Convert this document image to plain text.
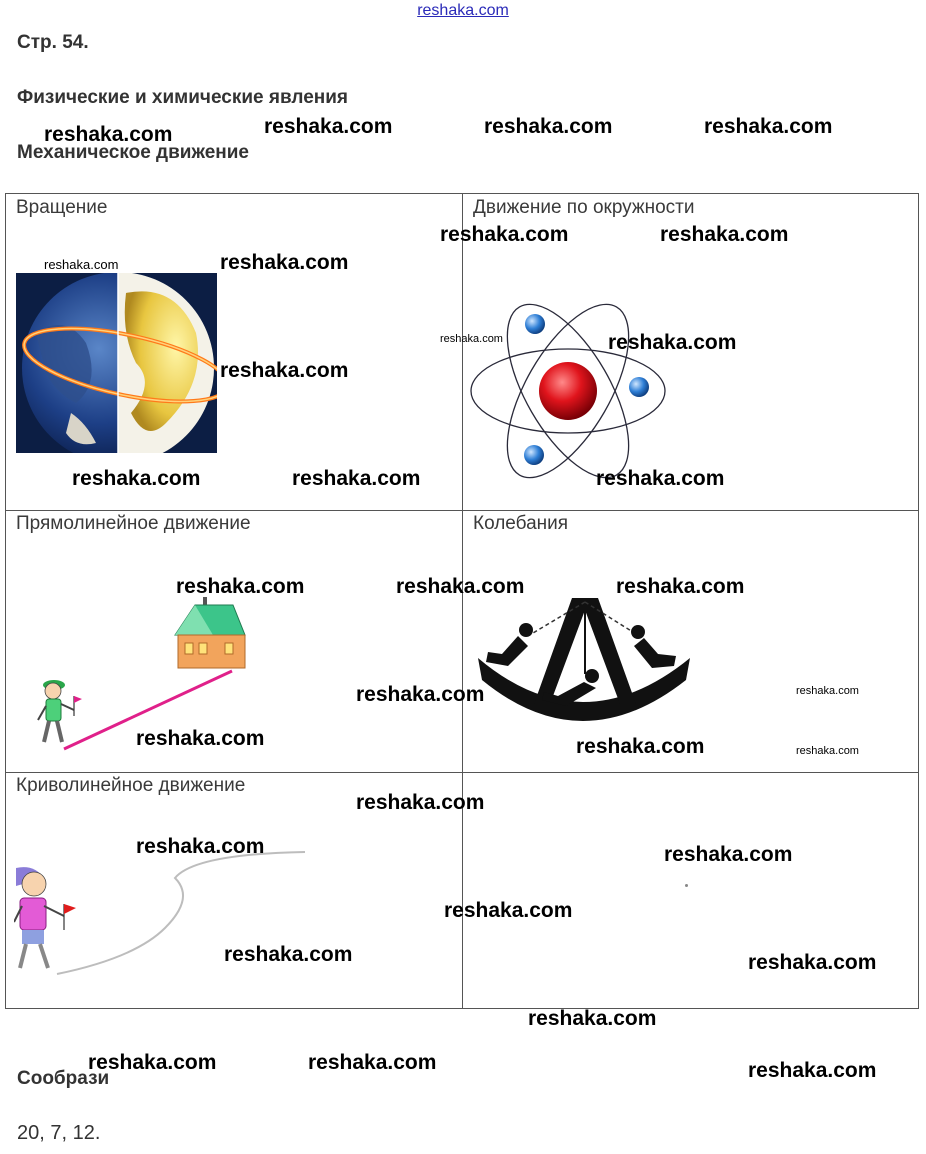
reshaka.com
Стр. 54.
Физические и химические явления
Механическое движение
Вращение	Движение по окружности
Прямолинейное движение	Колебания
Криволинейное движение
Сообрази
20, 7, 12.
reshaka.com	reshaka.com	reshaka.com	reshaka.com
reshaka.com	reshaka.com
reshaka.com	reshaka.com
reshaka.com	reshaka.com
reshaka.com
reshaka.com	reshaka.com	reshaka.com
reshaka.com	reshaka.com	reshaka.com
reshaka.com	reshaka.com
reshaka.com	reshaka.com	reshaka.com
reshaka.com
reshaka.com	reshaka.com
reshaka.com
reshaka.com	reshaka.com
reshaka.com
reshaka.com	reshaka.com	reshaka.com
